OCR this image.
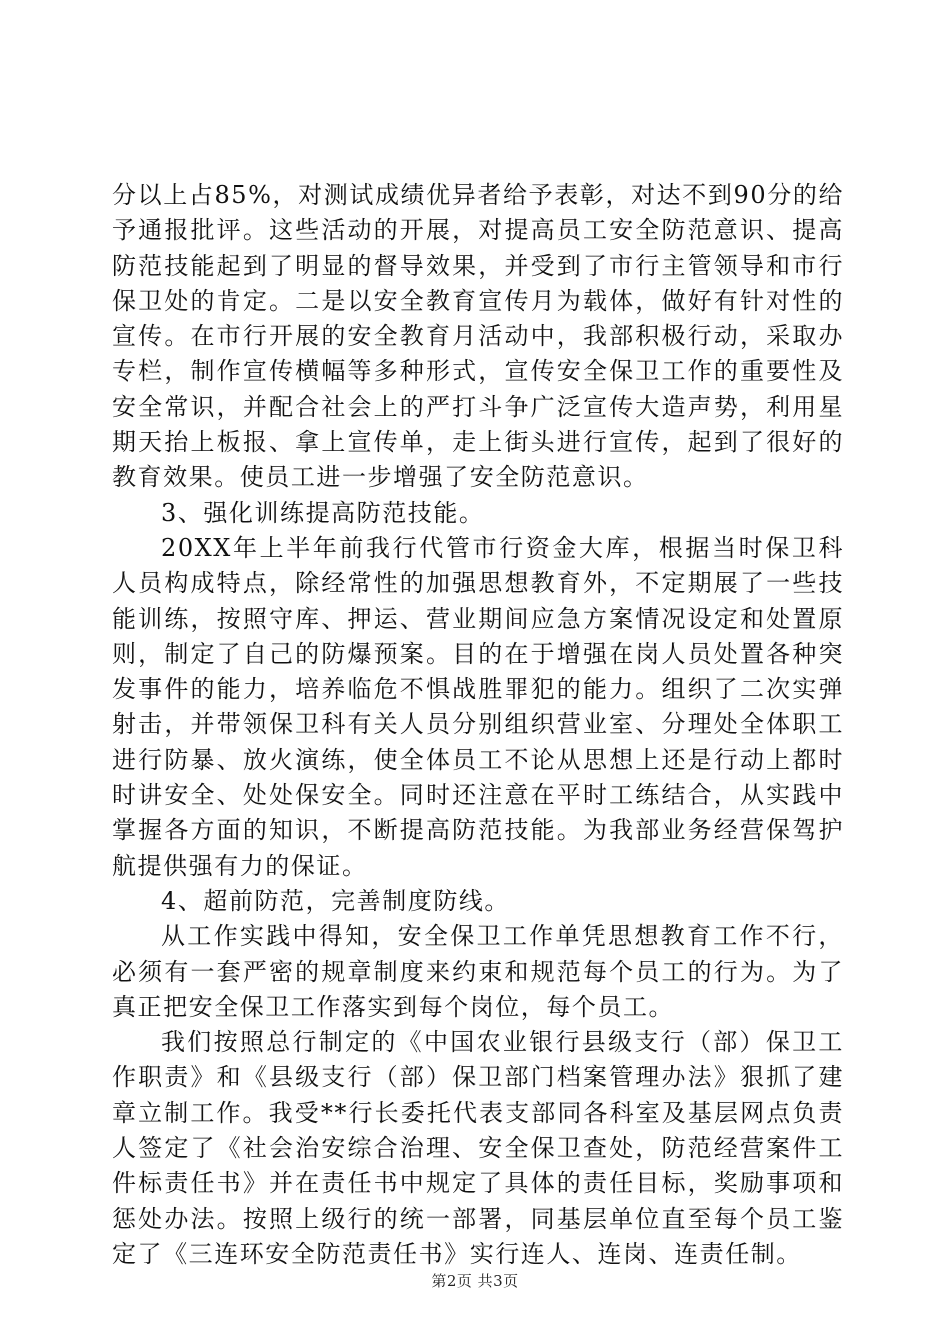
分以上占85%，对测试成绩优异者给予表彰，对达不到90分的给予通报批评。这些活动的开展，对提高员工安全防范意识、提高防范技能起到了明显的督导效果，并受到了市行主管领导和市行保卫处的肯定。二是以安全教育宣传月为载体，做好有针对性的宣传。在市行开展的安全教育月活动中，我部积极行动，采取办专栏，制作宣传横幅等多种形式，宣传安全保卫工作的重要性及安全常识，并配合社会上的严打斗争广泛宣传大造声势，利用星期天抬上板报、拿上宣传单，走上街头进行宣传，起到了很好的教育效果。使员工进一步增强了安全防范意识。

3、强化训练提高防范技能。

20XX年上半年前我行代管市行资金大库，根据当时保卫科人员构成特点，除经常性的加强思想教育外，不定期展了一些技能训练，按照守库、押运、营业期间应急方案情况设定和处置原则，制定了自己的防爆预案。目的在于增强在岗人员处置各种突发事件的能力，培养临危不惧战胜罪犯的能力。组织了二次实弹射击，并带领保卫科有关人员分别组织营业室、分理处全体职工进行防暴、放火演练，使全体员工不论从思想上还是行动上都时时讲安全、处处保安全。同时还注意在平时工练结合，从实践中掌握各方面的知识，不断提高防范技能。为我部业务经营保驾护航提供强有力的保证。

4、超前防范，完善制度防线。

从工作实践中得知，安全保卫工作单凭思想教育工作不行，必须有一套严密的规章制度来约束和规范每个员工的行为。为了真正把安全保卫工作落实到每个岗位，每个员工。

我们按照总行制定的《中国农业银行县级支行（部）保卫工作职责》和《县级支行（部）保卫部门档案管理办法》狠抓了建章立制工作。我受**行长委托代表支部同各科室及基层网点负责人签定了《社会治安综合治理、安全保卫查处，防范经营案件工件标责任书》并在责任书中规定了具体的责任目标，奖励事项和惩处办法。按照上级行的统一部署，同基层单位直至每个员工鉴定了《三连环安全防范责任书》实行连人、连岗、连责任制。

第2页 共3页
